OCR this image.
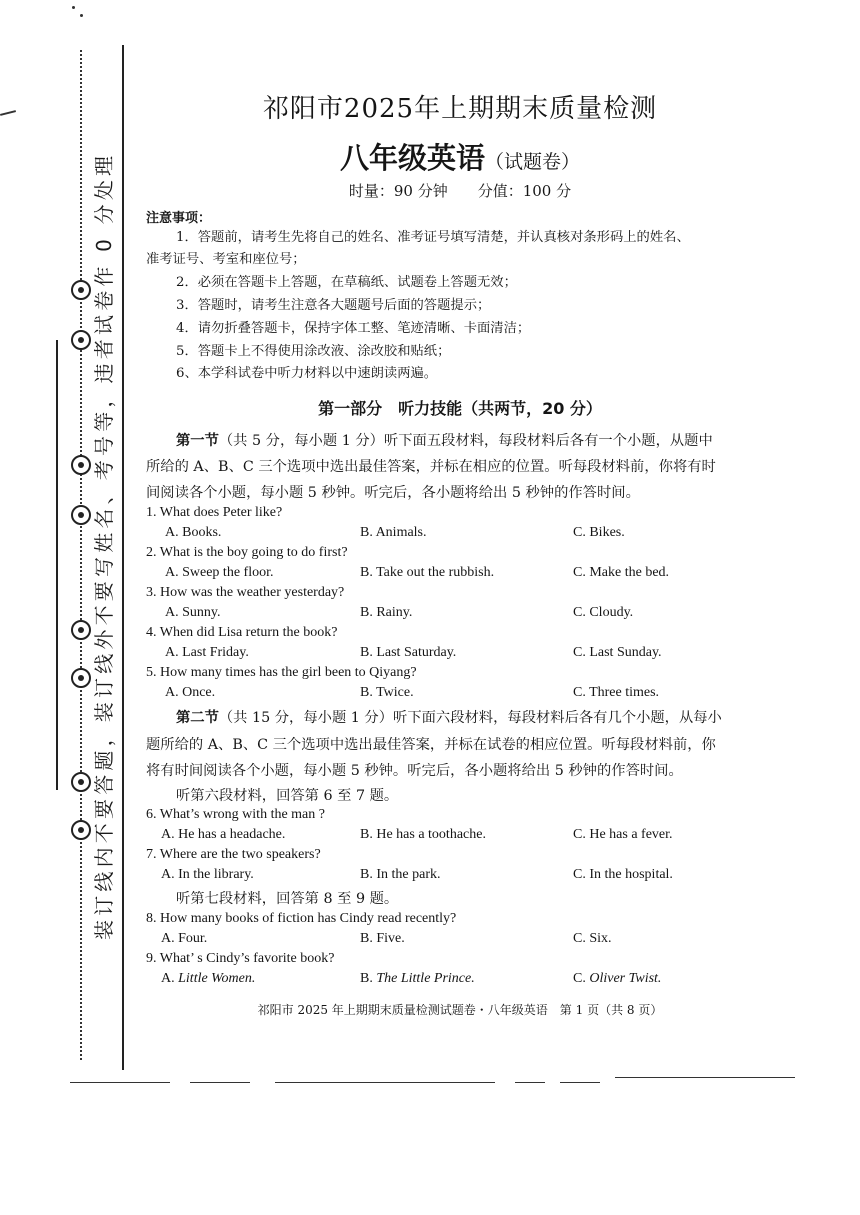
装订线内不要答题，装订线外不要写姓名、考号等，违者试卷作 0 分处理
祁阳市2025年上期期末质量检测
八年级英语（试题卷）
时量：90 分钟　　分值：100 分
注意事项：
1．答题前，请考生先将自己的姓名、准考证号填写清楚，并认真核对条形码上的姓名、
准考证号、考室和座位号；
2．必须在答题卡上答题，在草稿纸、试题卷上答题无效；
3．答题时，请考生注意各大题题号后面的答题提示；
4．请勿折叠答题卡，保持字体工整、笔迹清晰、卡面清洁；
5．答题卡上不得使用涂改液、涂改胶和贴纸；
6、本学科试卷中听力材料以中速朗读两遍。
第一部分　听力技能（共两节，20 分）
第一节（共 5 分，每小题 1 分）听下面五段材料，每段材料后各有一个小题，从题中
所给的 A、B、C 三个选项中选出最佳答案，并标在相应的位置。听每段材料前，你将有时
间阅读各个小题，每小题 5 秒钟。听完后，各小题将给出 5 秒钟的作答时间。
1. What does Peter like?
A. Books.	B. Animals.	C. Bikes.
2. What is the boy going to do first?
A. Sweep the floor.	B. Take out the rubbish.	C. Make the bed.
3. How was the weather yesterday?
A. Sunny.	B. Rainy.	C. Cloudy.
4. When did Lisa return the book?
A. Last Friday.	B. Last Saturday.	C. Last Sunday.
5. How many times has the girl been to Qiyang?
A. Once.	B. Twice.	C. Three times.
第二节（共 15 分，每小题 1 分）听下面六段材料，每段材料后各有几个小题，从每小
题所给的 A、B、C 三个选项中选出最佳答案，并标在试卷的相应位置。听每段材料前，你
将有时间阅读各个小题，每小题 5 秒钟。听完后，各小题将给出 5 秒钟的作答时间。
听第六段材料，回答第 6 至 7 题。
6. What’s wrong with the man ?
A. He has a headache.	B. He has a toothache.	C. He has a fever.
7. Where are the two speakers?
A. In the library.	B. In the park.	C. In the hospital.
听第七段材料，回答第 8 至 9 题。
8. How many books of fiction has Cindy read recently?
A. Four.	B. Five.	C. Six.
9. What’ s Cindy’s favorite book?
A. Little Women.	B. The Little Prince.	C. Oliver Twist.
祁阳市 2025 年上期期末质量检测试题卷・八年级英语　第 1 页（共 8 页）
